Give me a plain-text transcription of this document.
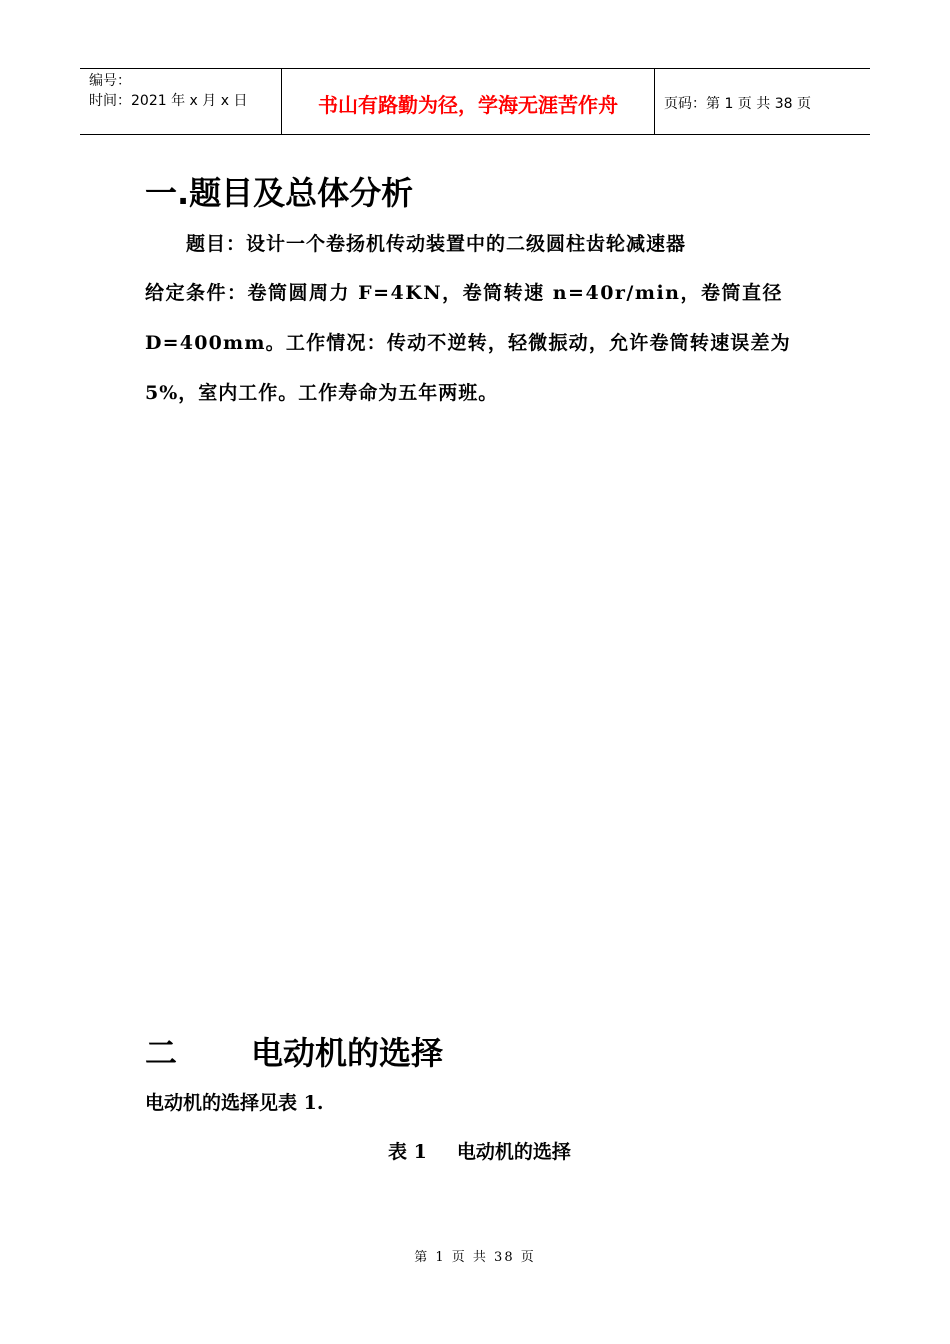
编号：
时间：2021 年 x 月 x 日	书山有路勤为径，学海无涯苦作舟	页码：第 1 页 共 38 页
一.题目及总体分析
题目：设计一个卷扬机传动装置中的二级圆柱齿轮减速器
给定条件：卷筒圆周力 F=4KN，卷筒转速 n=40r/min，卷筒直径
D=400mm。工作情况：传动不逆转，轻微振动，允许卷筒转速误差为
5%，室内工作。工作寿命为五年两班。
二 电动机的选择
电动机的选择见表 1.
表 1 电动机的选择
第 1 页 共 38 页
